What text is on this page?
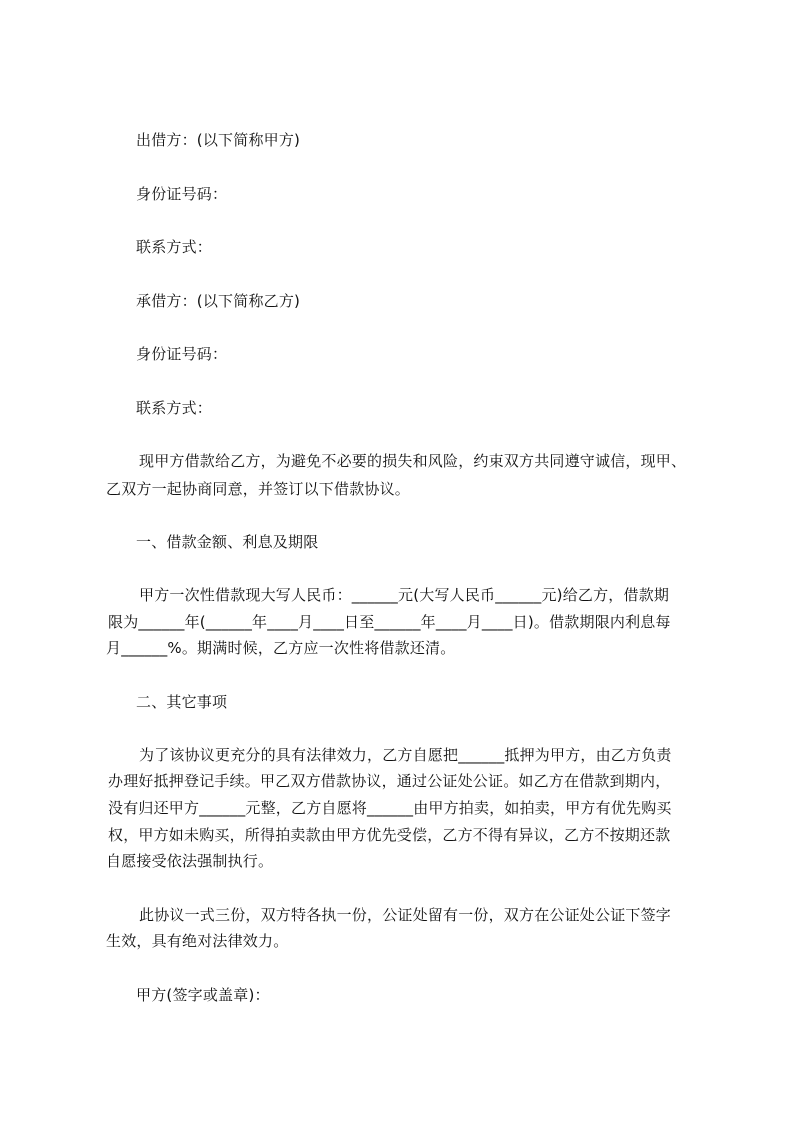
出借方：(以下简称甲方)
身份证号码：
联系方式：
承借方：(以下简称乙方)
身份证号码：
联系方式：
现甲方借款给乙方，为避免不必要的损失和风险，约束双方共同遵守诚信，现甲、
乙双方一起协商同意，并签订以下借款协议。
一、借款金额、利息及期限
甲方一次性借款现大写人民币：______元(大写人民币______元)给乙方，借款期
限为______年(______年____月____日至______年____月____日)。借款期限内利息每
月______%。期满时候，乙方应一次性将借款还清。
二、其它事项
为了该协议更充分的具有法律效力，乙方自愿把______抵押为甲方，由乙方负责
办理好抵押登记手续。甲乙双方借款协议，通过公证处公证。如乙方在借款到期内，
没有归还甲方______元整，乙方自愿将______由甲方拍卖，如拍卖，甲方有优先购买
权，甲方如未购买，所得拍卖款由甲方优先受偿，乙方不得有异议，乙方不按期还款
自愿接受依法强制执行。
此协议一式三份，双方特各执一份，公证处留有一份，双方在公证处公证下签字
生效，具有绝对法律效力。
甲方(签字或盖章)：
